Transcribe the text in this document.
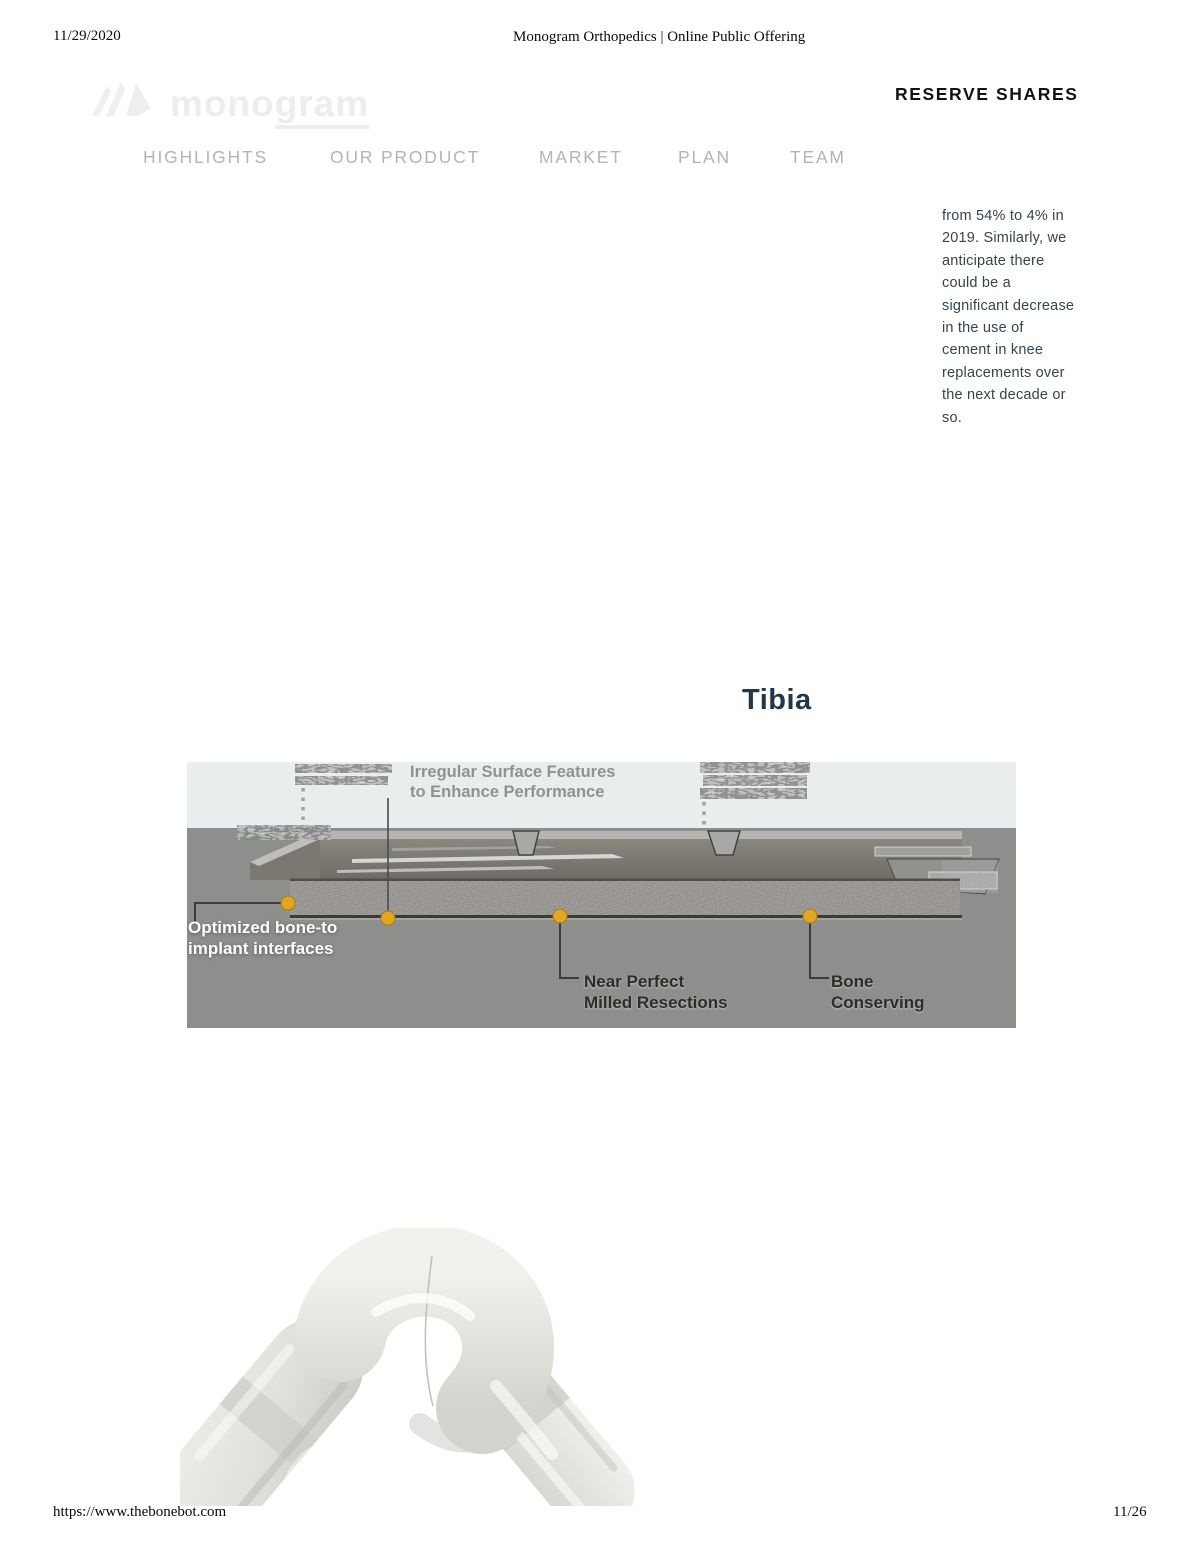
11/29/2020	Monogram Orthopedics | Online Public Offering
monogram	RESERVE SHARES
HIGHLIGHTS	OUR PRODUCT	MARKET	PLAN	TEAM
from 54% to 4% in 2019. Similarly, we anticipate there could be a significant decrease in the use of cement in knee replacements over the next decade or so.
Tibia
Irregular Surface Features
to Enhance Performance
Optimized bone-to
implant interfaces
Near Perfect
Milled Resections
Bone
Conserving
https://www.thebonebot.com	11/26
